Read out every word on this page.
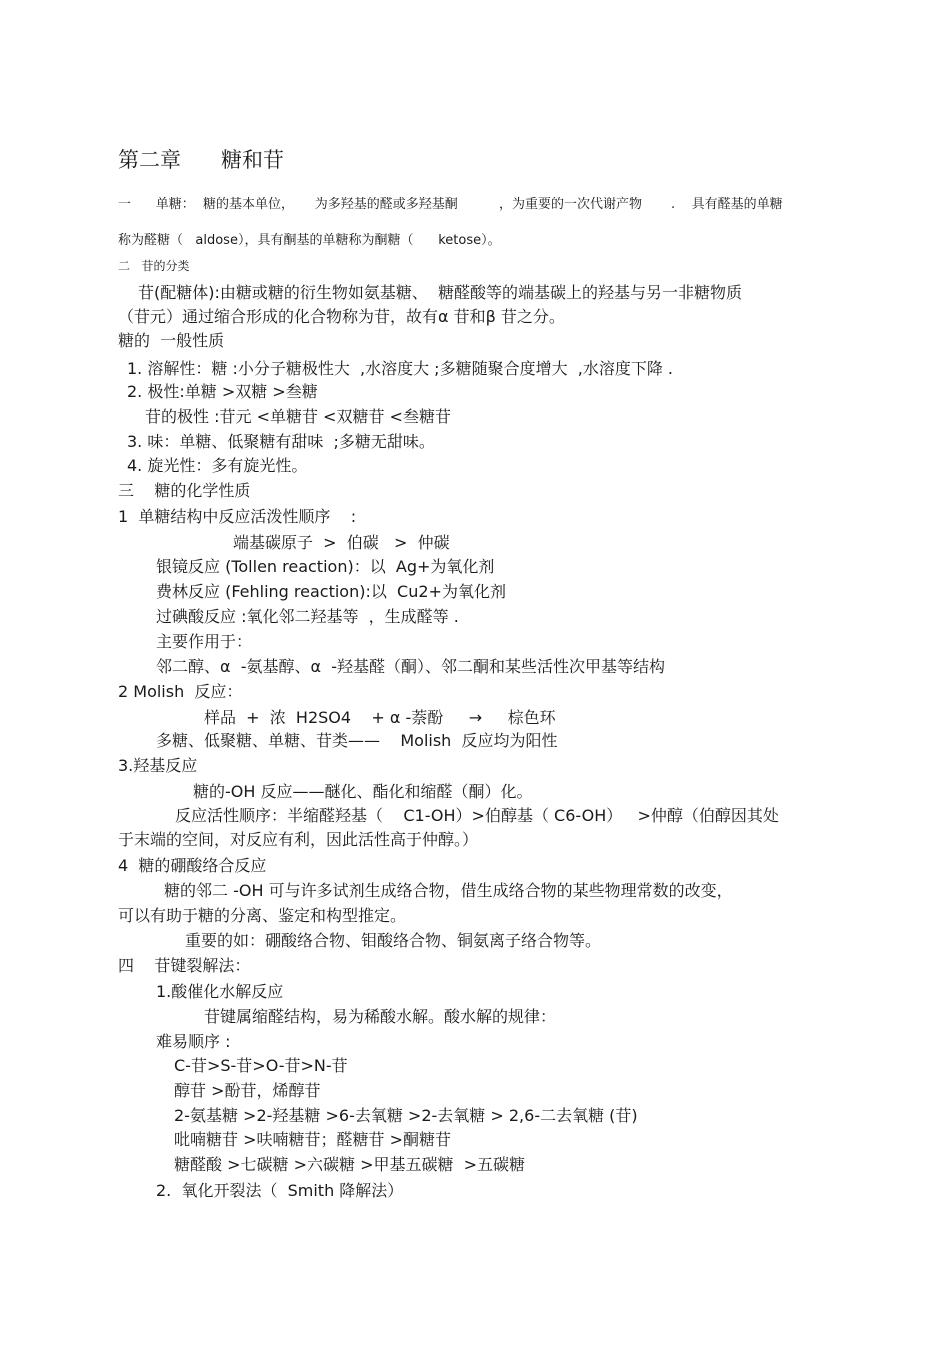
第二章      糖和苷
一      单糖：  糖的基本单位，     为多羟基的醛或多羟基酮          ，为重要的一次代谢产物       .    具有醛基的单糖
称为醛糖（   aldose），具有酮基的单糖称为酮糖（      ketose）。
二   苷的分类
苷(配糖体):由糖或糖的衍生物如氨基糖、  糖醛酸等的端基碳上的羟基与另一非糖物质
（苷元）通过缩合形成的化合物称为苷，故有α 苷和β 苷之分。
糖的  一般性质
1. 溶解性：糖 :小分子糖极性大  ,水溶度大 ;多糖随聚合度增大  ,水溶度下降 .
2. 极性:单糖 >双糖 >叁糖
苷的极性 :苷元 <单糖苷 <双糖苷 <叁糖苷
3. 味：单糖、低聚糖有甜味  ;多糖无甜味。
4. 旋光性：多有旋光性。
三    糖的化学性质
1  单糖结构中反应活泼性顺序    :
端基碳原子  >  伯碳   >  仲碳
银镜反应 (Tollen reaction)：以  Ag+为氧化剂
费林反应 (Fehling reaction):以  Cu2+为氧化剂
过碘酸反应 :氧化邻二羟基等  ，生成醛等 .
主要作用于：
邻二醇、α  -氨基醇、α  -羟基醛（酮）、邻二酮和某些活性次甲基等结构
2 Molish  反应：
样品  +  浓  H2SO4    + α -萘酚     →     棕色环
多糖、低聚糖、单糖、苷类——    Molish  反应均为阳性
3.羟基反应
糖的-OH 反应——醚化、酯化和缩醛（酮）化。
反应活性顺序：半缩醛羟基（    C1-OH）>伯醇基（ C6-OH）   >仲醇（伯醇因其处
于末端的空间，对反应有利，因此活性高于仲醇。）
4  糖的硼酸络合反应
糖的邻二 -OH 可与许多试剂生成络合物，借生成络合物的某些物理常数的改变，
可以有助于糖的分离、鉴定和构型推定。
重要的如：硼酸络合物、钼酸络合物、铜氨离子络合物等。
四    苷键裂解法：
1.酸催化水解反应
苷键属缩醛结构，易为稀酸水解。酸水解的规律：
难易顺序 :
C-苷>S-苷>O-苷>N-苷
醇苷 >酚苷，烯醇苷
2-氨基糖 >2-羟基糖 >6-去氧糖 >2-去氧糖 > 2,6-二去氧糖 (苷)
吡喃糖苷 >呋喃糖苷；醛糖苷 >酮糖苷
糖醛酸 >七碳糖 >六碳糖 >甲基五碳糖  >五碳糖
2.  氧化开裂法（  Smith 降解法）
